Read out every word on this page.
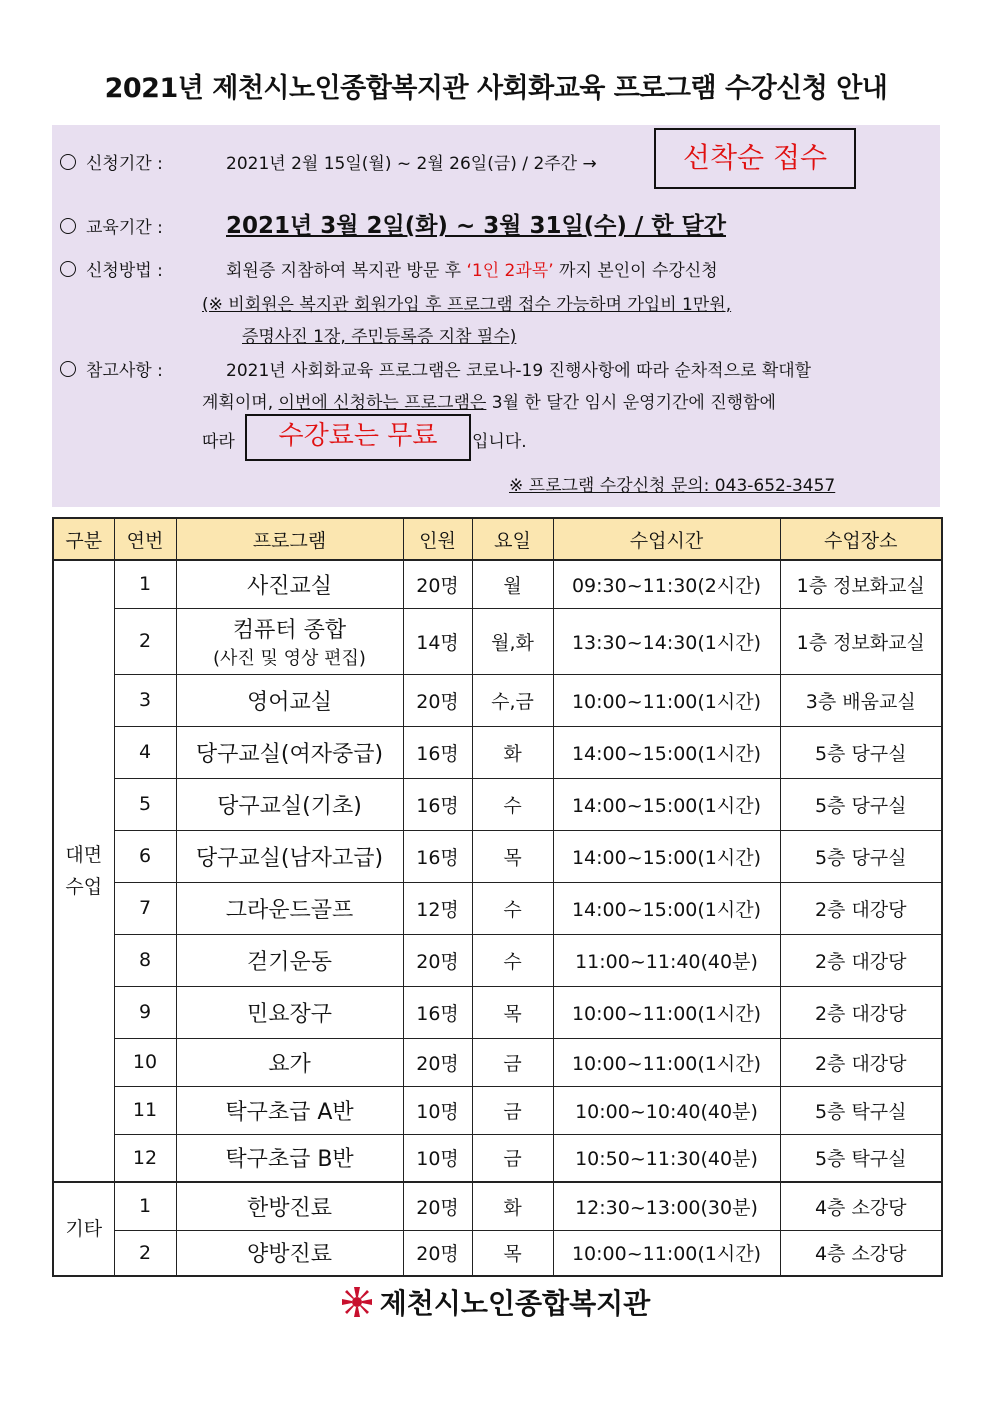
2021년 제천시노인종합복지관 사회화교육 프로그램 수강신청 안내
신청기간 :	2021년 2월 15일(월) ~ 2월 26일(금) / 2주간 →	선착순 접수
교육기간 :	2021년 3월 2일(화) ~ 3월 31일(수) / 한 달간
신청방법 :	회원증 지참하여 복지관 방문 후 ‘1인 2과목’ 까지 본인이 수강신청
(※ 비회원은 복지관 회원가입 후 프로그램 접수 가능하며 가입비 1만원,
증명사진 1장, 주민등록증 지참 필수)
참고사항 :	2021년 사회화교육 프로그램은 코로나-19 진행사항에 따라 순차적으로 확대할
계획이며, 이번에 신청하는 프로그램은 3월 한 달간 임시 운영기간에 진행함에
따라	수강료는 무료	입니다.
※ 프로그램 수강신청 문의: 043-652-3457
구분	연번	프로그램	인원	요일	수업시간	수업장소
대면 수업	1	사진교실	20명	월	09:30~11:30(2시간)	1층 정보화교실
	2	컴퓨터 종합
(사진 및 영상 편집)	14명	월,화	13:30~14:30(1시간)	1층 정보화교실
	3	영어교실	20명	수,금	10:00~11:00(1시간)	3층 배움교실
	4	당구교실(여자중급)	16명	화	14:00~15:00(1시간)	5층 당구실
	5	당구교실(기초)	16명	수	14:00~15:00(1시간)	5층 당구실
	6	당구교실(남자고급)	16명	목	14:00~15:00(1시간)	5층 당구실
	7	그라운드골프	12명	수	14:00~15:00(1시간)	2층 대강당
	8	걷기운동	20명	수	11:00~11:40(40분)	2층 대강당
	9	민요장구	16명	목	10:00~11:00(1시간)	2층 대강당
	10	요가	20명	금	10:00~11:00(1시간)	2층 대강당
	11	탁구초급 A반	10명	금	10:00~10:40(40분)	5층 탁구실
	12	탁구초급 B반	10명	금	10:50~11:30(40분)	5층 탁구실
기타	1	한방진료	20명	화	12:30~13:00(30분)	4층 소강당
	2	양방진료	20명	목	10:00~11:00(1시간)	4층 소강당
제천시노인종합복지관
